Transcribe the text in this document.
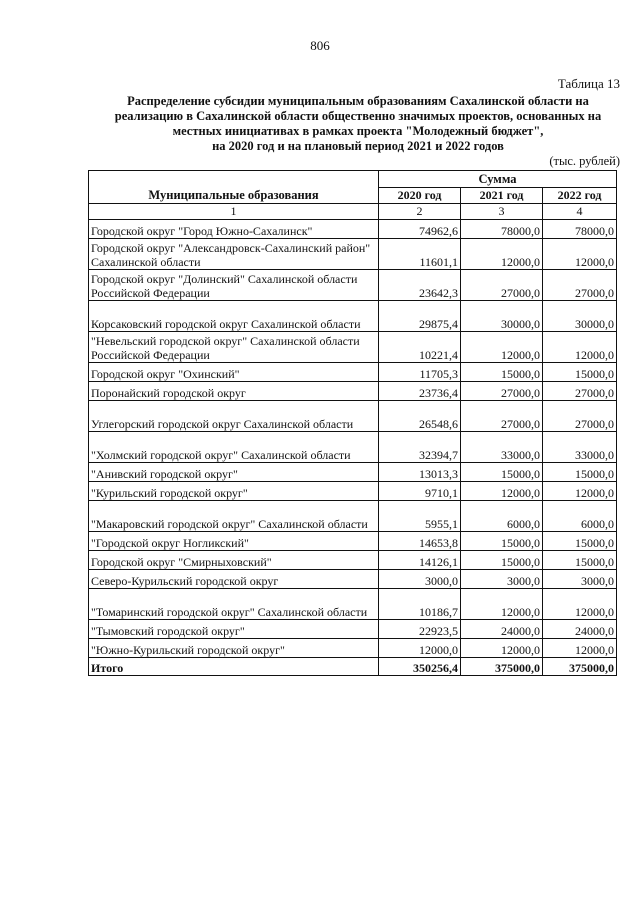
806
Таблица 13
Распределение субсидии муниципальным образованиям Сахалинской области на
реализацию в Сахалинской области общественно значимых проектов, основанных на
местных инициативах в рамках проекта "Молодежный бюджет",
на 2020 год и на плановый период 2021 и 2022 годов
(тыс. рублей)
Муниципальные образования	Сумма		
	2020 год	2021 год	2022 год
1	2	3	4
Городской округ "Город Южно-Сахалинск"	74962,6	78000,0	78000,0
Городской округ "Александровск-Сахалинский район" Сахалинской области	11601,1	12000,0	12000,0
Городской округ "Долинский" Сахалинской области Российской Федерации	23642,3	27000,0	27000,0
Корсаковский городской округ Сахалинской области	29875,4	30000,0	30000,0
"Невельский городской округ" Сахалинской области Российской Федерации	10221,4	12000,0	12000,0
Городской округ "Охинский"	11705,3	15000,0	15000,0
Поронайский городской округ	23736,4	27000,0	27000,0
Углегорский городской округ Сахалинской области	26548,6	27000,0	27000,0
"Холмский городской округ" Сахалинской области	32394,7	33000,0	33000,0
"Анивский городской округ"	13013,3	15000,0	15000,0
"Курильский городской округ"	9710,1	12000,0	12000,0
"Макаровский городской округ" Сахалинской области	5955,1	6000,0	6000,0
"Городской округ Ногликский"	14653,8	15000,0	15000,0
Городской округ "Смирныховский"	14126,1	15000,0	15000,0
Северо-Курильский городской округ	3000,0	3000,0	3000,0
"Томаринский городской округ" Сахалинской области	10186,7	12000,0	12000,0
"Тымовский городской округ"	22923,5	24000,0	24000,0
"Южно-Курильский городской округ"	12000,0	12000,0	12000,0
Итого	350256,4	375000,0	375000,0
